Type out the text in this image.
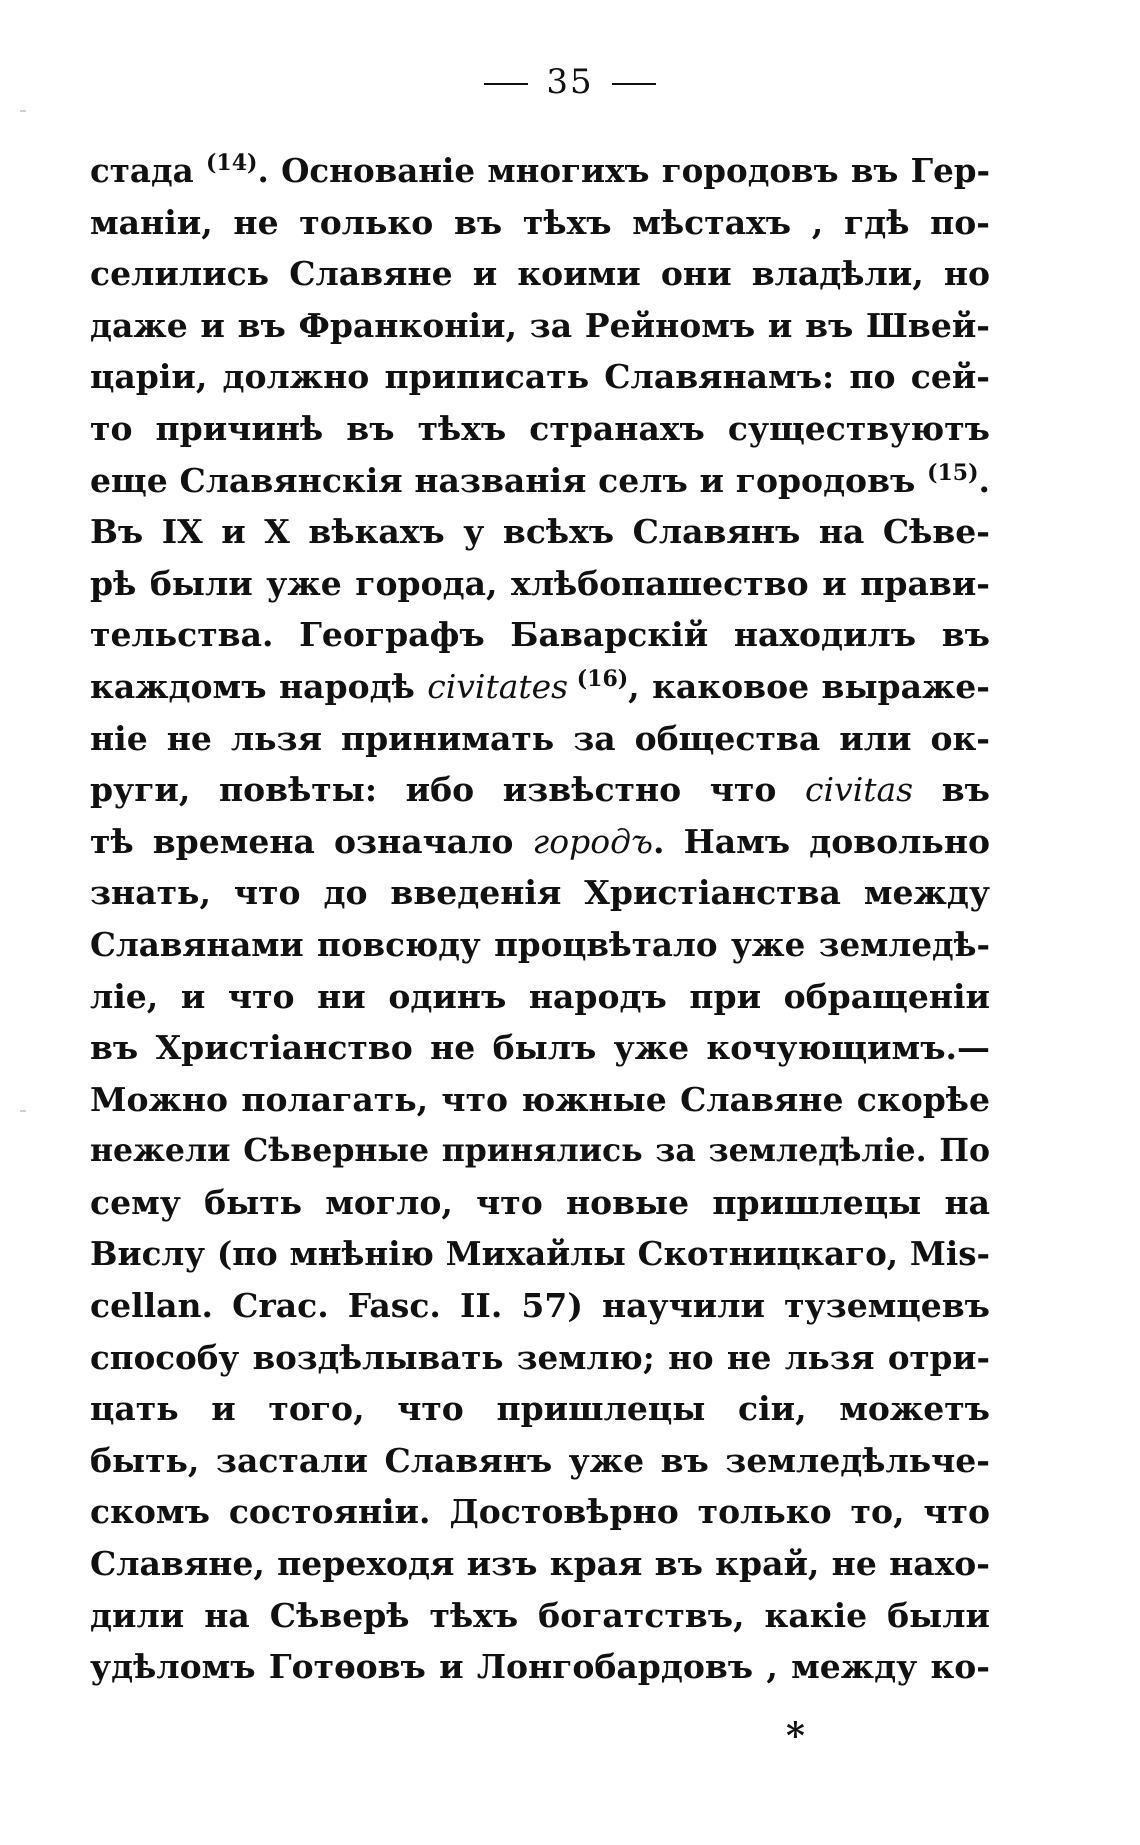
35
стада $^{(14)}$. Основаніе многихъ городовъ въ Гер-
маніи, не только въ тѣхъ мѣстахъ , гдѣ по-
селились Славяне и коими они владѣли, но
даже и въ Франконіи, за Рейномъ и въ Швей-
царіи, должно приписать Славянамъ: по сей-
то причинѣ въ тѣхъ странахъ существуютъ
еще Славянскія названія селъ и городовъ $^{(15)}$.
Въ IX и X вѣкахъ у всѣхъ Славянъ на Сѣве-
рѣ были уже города, хлѣбопашество и прави-
тельства. Географъ Баварскій находилъ въ
каждомъ народѣ civitates $^{(16)}$, каковое выраже-
ніе не льзя принимать за общества или ок-
руги, повѣты: ибо извѣстно что civitas въ
тѣ времена означало городъ. Намъ довольно
знать, что до введенія Христіанства между
Славянами повсюду процвѣтало уже земледѣ-
ліе, и что ни одинъ народъ при обращеніи
въ Христіанство не былъ уже кочующимъ.—
Можно полагать, что южные Славяне скорѣе
нежели Сѣверные принялись за земледѣліе. По
сему быть могло, что новые пришлецы на
Вислу (по мнѣнію Михайлы Скотницкаго, Mis-
cellan. Crac. Fasc. II. 57) научили туземцевъ
способу воздѣлывать землю; но не льзя отри-
цать и того, что пришлецы сіи, можетъ
быть, застали Славянъ уже въ земледѣльче-
скомъ состояніи. Достовѣрно только то, что
Славяне, переходя изъ края въ край, не нахо-
дили на Сѣверѣ тѣхъ богатствъ, какіе были
удѣломъ Готѳовъ и Лонгобардовъ , между ко-
*
